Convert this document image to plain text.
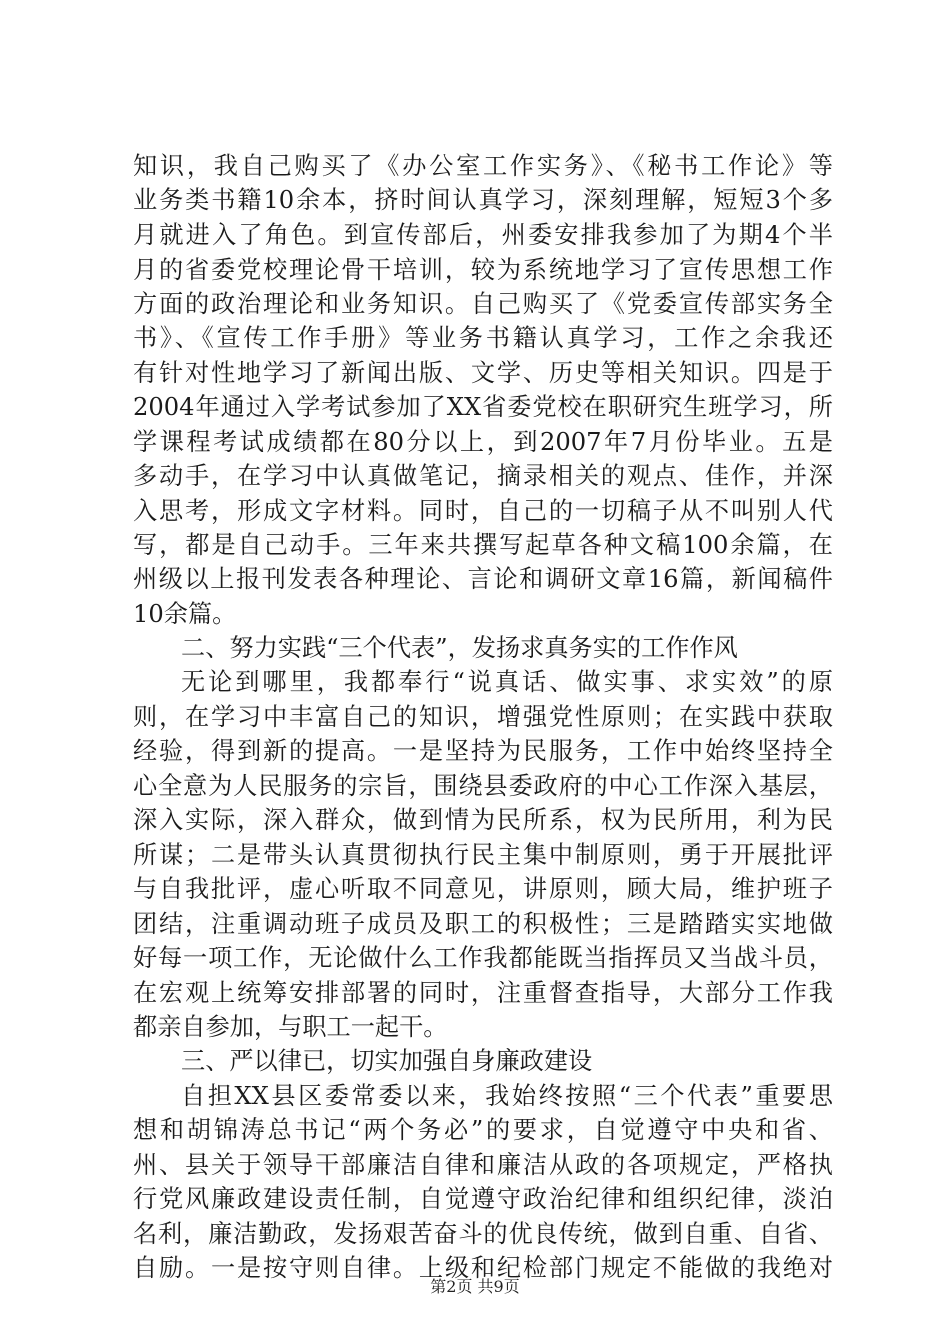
知识，我自己购买了《办公室工作实务》、《秘书工作论》等
业务类书籍10余本，挤时间认真学习，深刻理解，短短3个多
月就进入了角色。到宣传部后，州委安排我参加了为期4个半
月的省委党校理论骨干培训，较为系统地学习了宣传思想工作
方面的政治理论和业务知识。自己购买了《党委宣传部实务全
书》、《宣传工作手册》等业务书籍认真学习，工作之余我还
有针对性地学习了新闻出版、文学、历史等相关知识。四是于
2004年通过入学考试参加了XX省委党校在职研究生班学习，所
学课程考试成绩都在80分以上，到2007年7月份毕业。五是
多动手，在学习中认真做笔记，摘录相关的观点、佳作，并深
入思考，形成文字材料。同时，自己的一切稿子从不叫别人代
写，都是自己动手。三年来共撰写起草各种文稿100余篇，在
州级以上报刊发表各种理论、言论和调研文章16篇，新闻稿件
10余篇。
二、努力实践“三个代表”，发扬求真务实的工作作风
无论到哪里，我都奉行“说真话、做实事、求实效”的原
则，在学习中丰富自己的知识，增强党性原则；在实践中获取
经验，得到新的提高。一是坚持为民服务，工作中始终坚持全
心全意为人民服务的宗旨，围绕县委政府的中心工作深入基层，
深入实际，深入群众，做到情为民所系，权为民所用，利为民
所谋；二是带头认真贯彻执行民主集中制原则，勇于开展批评
与自我批评，虚心听取不同意见，讲原则，顾大局，维护班子
团结，注重调动班子成员及职工的积极性；三是踏踏实实地做
好每一项工作，无论做什么工作我都能既当指挥员又当战斗员，
在宏观上统筹安排部署的同时，注重督查指导，大部分工作我
都亲自参加，与职工一起干。
三、严以律已，切实加强自身廉政建设
自担XX县区委常委以来，我始终按照“三个代表”重要思
想和胡锦涛总书记“两个务必”的要求，自觉遵守中央和省、
州、县关于领导干部廉洁自律和廉洁从政的各项规定，严格执
行党风廉政建设责任制，自觉遵守政治纪律和组织纪律，淡泊
名利，廉洁勤政，发扬艰苦奋斗的优良传统，做到自重、自省、
第2页 共9页
自励。一是按守则自律。上级和纪检部门规定不能做的我绝对
